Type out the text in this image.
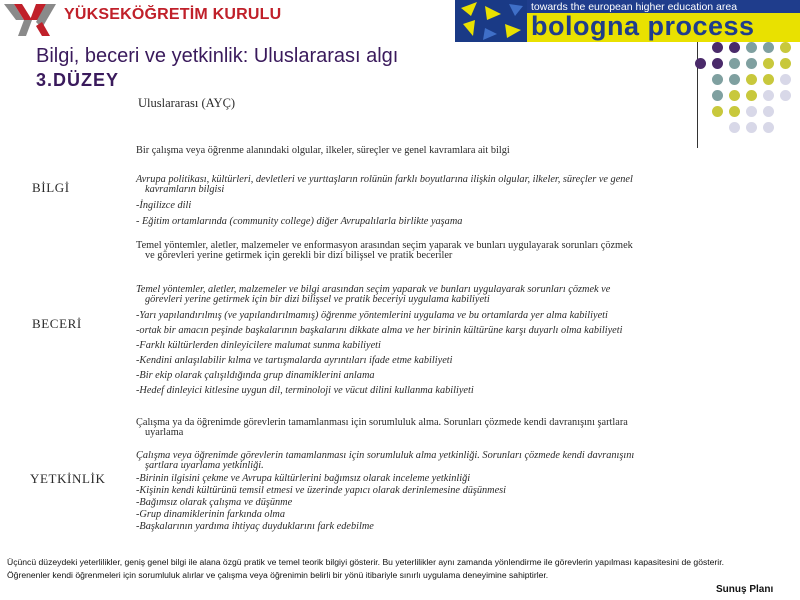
YÜKSEKÖĞRETİM KURULU	towards the european higher education area
bologna process
Bilgi, beceri ve yetkinlik: Uluslararası algı
3.DÜZEY
Uluslararası (AYÇ)
BİLGİ
Bir çalışma veya öğrenme alanındaki olgular, ilkeler, süreçler ve genel kavramlara ait bilgi
Avrupa politikası, kültürleri, devletleri ve yurttaşların rolünün farklı boyutlarına ilişkin olgular, ilkeler, süreçler ve genel
kavramların bilgisi
-İngilizce dili
- Eğitim ortamlarında (community college) diğer Avrupalılarla birlikte yaşama
BECERİ
Temel yöntemler, aletler, malzemeler ve enformasyon arasından seçim yaparak ve bunları uygulayarak sorunları çözmek
ve görevleri yerine getirmek için gerekli bir dizi bilişsel ve pratik beceriler
Temel yöntemler, aletler, malzemeler ve bilgi arasından seçim yaparak ve bunları uygulayarak sorunları çözmek ve
görevleri yerine getirmek için bir dizi bilişsel ve pratik beceriyi uygulama kabiliyeti
-Yarı yapılandırılmış (ve yapılandırılmamış) öğrenme yöntemlerini uygulama ve bu ortamlarda yer alma kabiliyeti
-ortak bir amacın peşinde başkalarının başkalarını dikkate alma ve her birinin kültürüne karşı duyarlı olma kabiliyeti
-Farklı kültürlerden dinleyicilere malumat sunma kabiliyeti
-Kendini anlaşılabilir kılma ve tartışmalarda ayrıntıları ifade etme kabiliyeti
-Bir ekip olarak çalışıldığında grup dinamiklerini anlama
-Hedef dinleyici kitlesine uygun dil, terminoloji ve vücut dilini kullanma kabiliyeti
YETKİNLİK
Çalışma ya da öğrenimde görevlerin tamamlanması için sorumluluk alma. Sorunları çözmede kendi davranışını şartlara
uyarlama
Çalışma veya öğrenimde görevlerin tamamlanması için sorumluluk alma yetkinliği. Sorunları çözmede kendi davranışını
şartlara uyarlama yetkinliği.
-Birinin ilgisini çekme ve Avrupa kültürlerini bağımsız olarak inceleme yetkinliği
-Kişinin kendi kültürünü temsil etmesi ve üzerinde yapıcı olarak derinlemesine düşünmesi
-Bağımsız olarak çalışma ve düşünme
-Grup dinamiklerinin farkında olma
-Başkalarının yardıma ihtiyaç duyduklarını fark edebilme
Üçüncü düzeydeki yeterlilikler, geniş genel bilgi ile alana özgü pratik ve temel teorik bilgiyi gösterir. Bu yeterlilikler aynı zamanda yönlendirme ile görevlerin yapılması kapasitesini de gösterir. Öğrenenler kendi öğrenmeleri için sorumluluk alırlar ve çalışma veya öğrenimin belirli bir yönü itibariyle sınırlı uygulama deneyimine sahiptirler.
Sunuş Planı
